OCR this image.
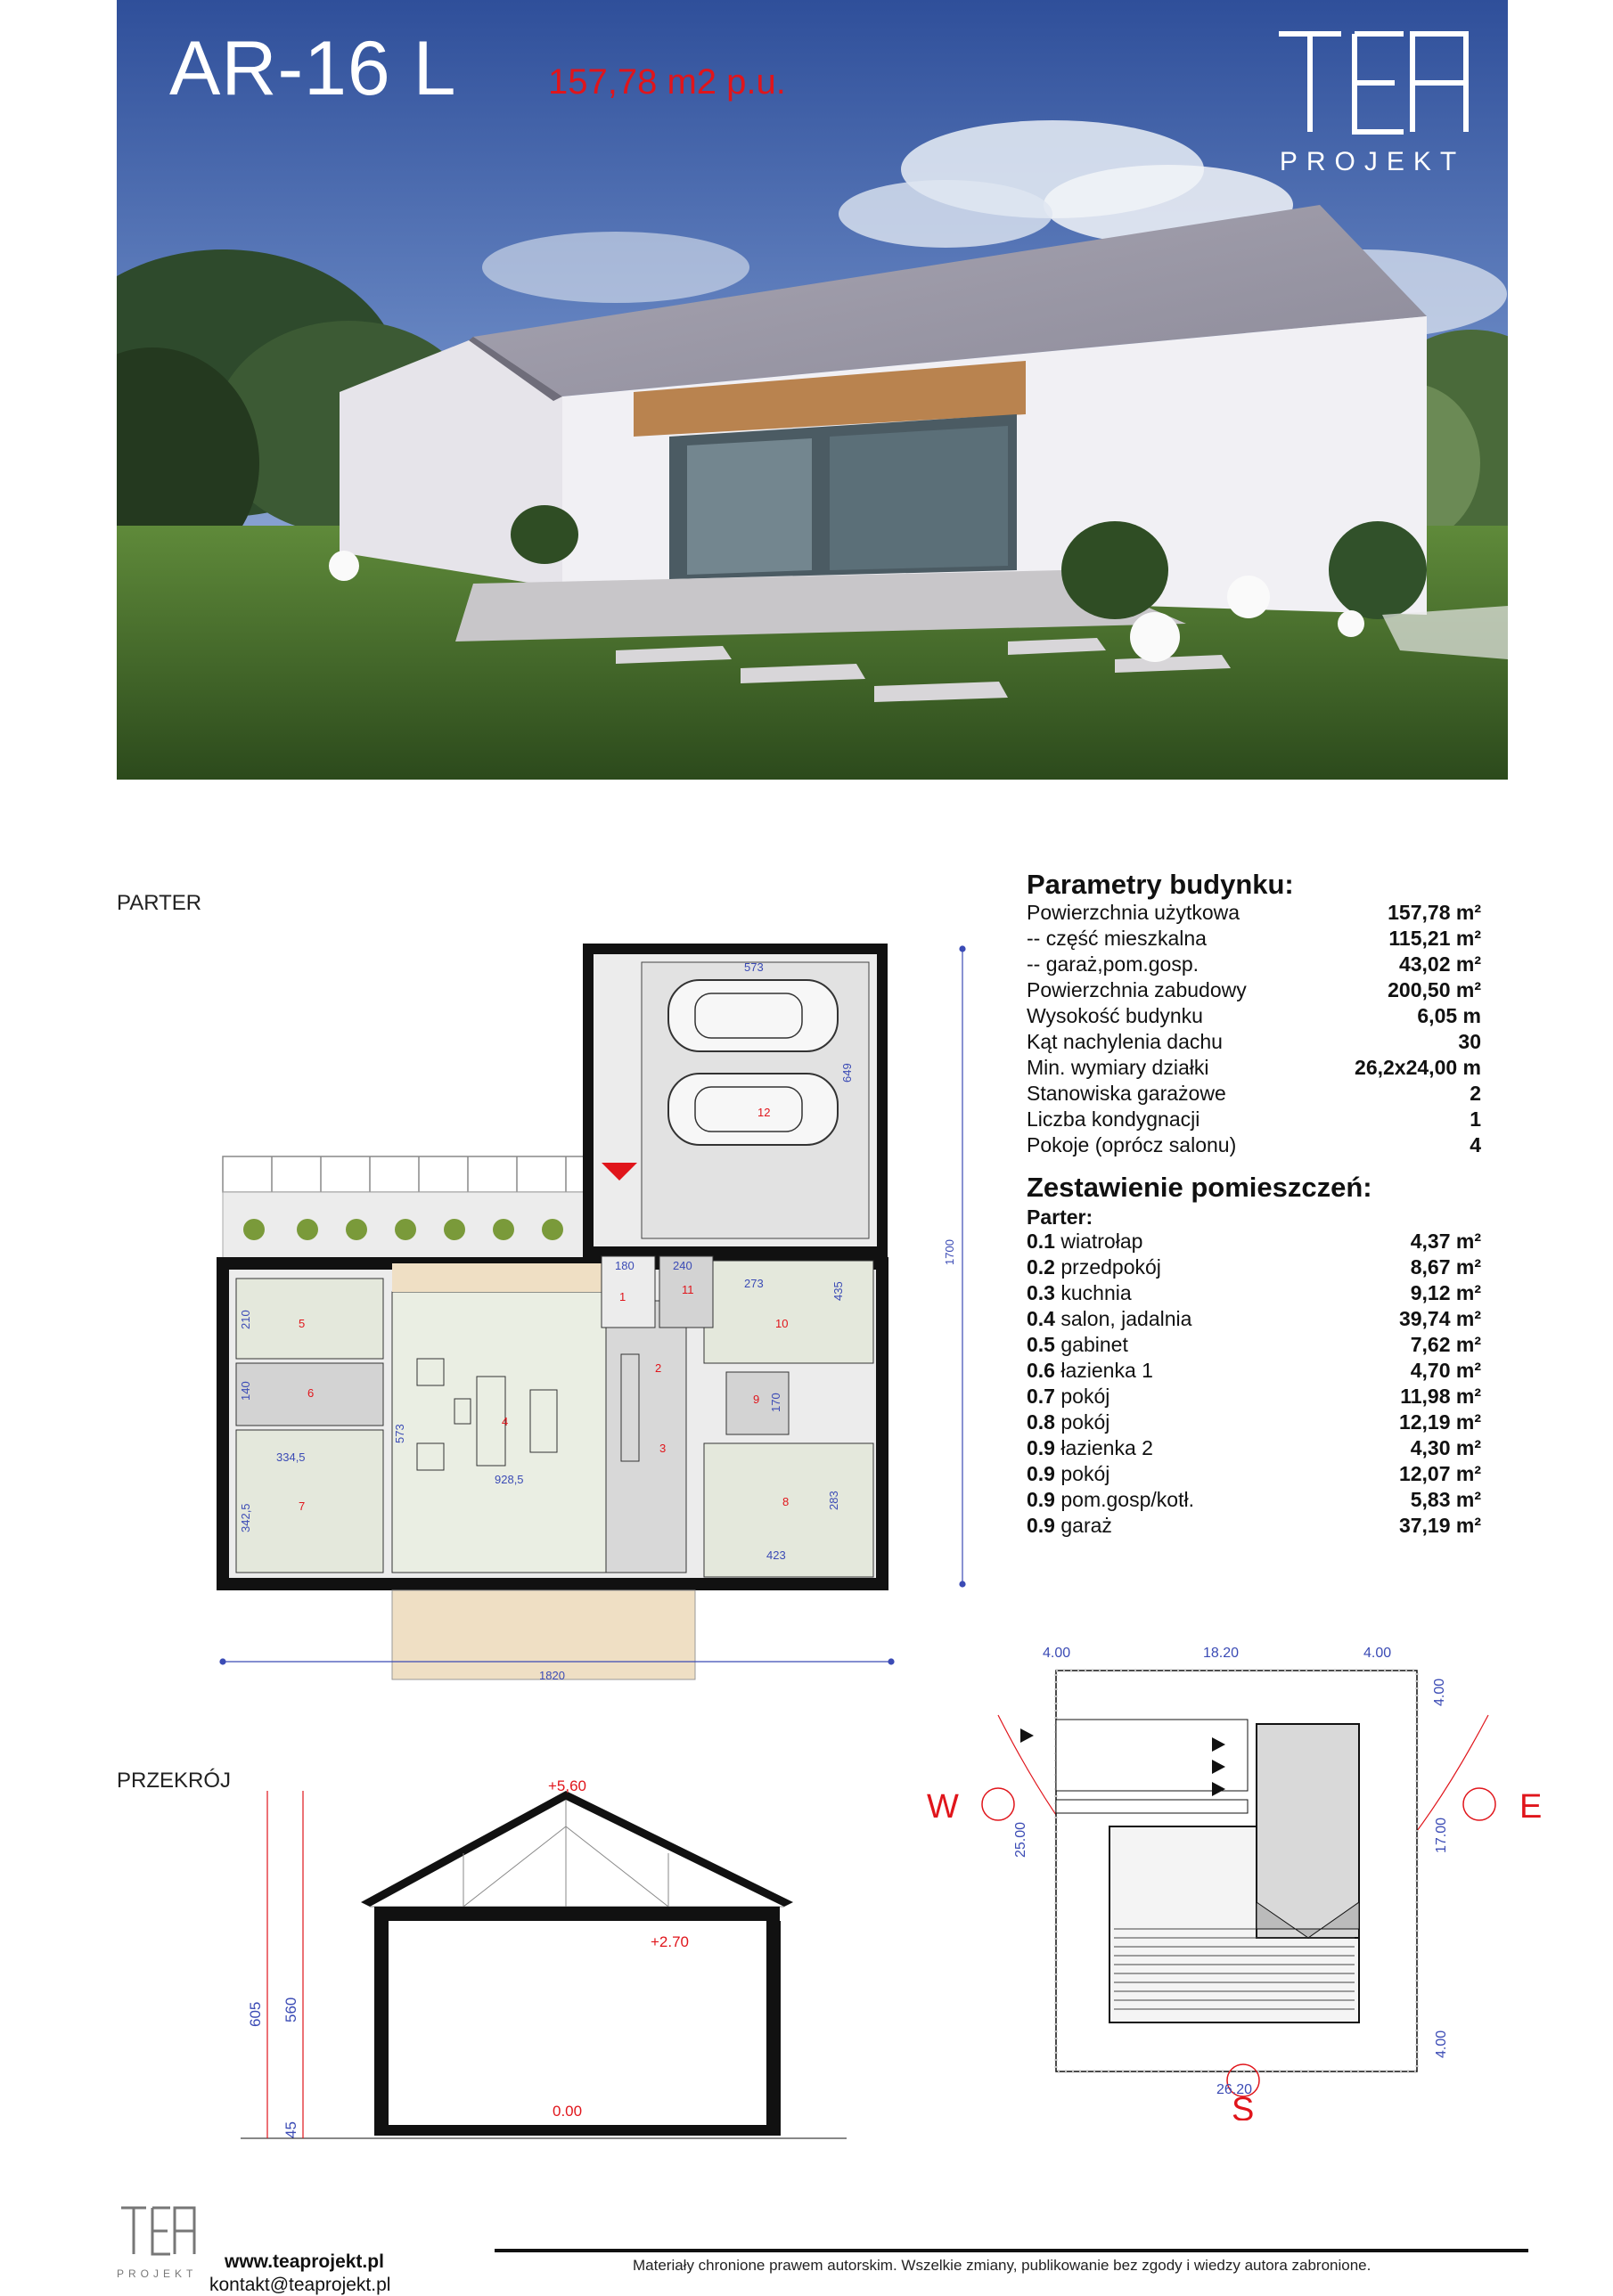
AR-16 L	157,78 m2 p.u.
PROJEKT
PARTER
PRZEKRÓJ
573
649
1700
180	240
273	435
210
140
573
334,5
342,5
928,5
170
283
423
1820
1
2
3
4
5
6
7	8
9
10
11
12
Parametry budynku:
Powierzchnia użytkowa	157,78 m²
-- część mieszkalna	115,21 m²
-- garaż,pom.gosp.	43,02 m²
Powierzchnia zabudowy	200,50 m²
Wysokość budynku	6,05 m
Kąt nachylenia dachu	30
Min. wymiary działki	26,2x24,00 m
Stanowiska garażowe	2
Liczba kondygnacji	1
Pokoje (oprócz salonu)	4
Zestawienie pomieszczeń:
Parter:
0.1 wiatrołap	4,37 m²
0.2 przedpokój	8,67 m²
0.3 kuchnia	9,12 m²
0.4 salon, jadalnia	39,74 m²
0.5 gabinet	7,62 m²
0.6 łazienka 1	4,70 m²
0.7 pokój	11,98 m²
0.8 pokój	12,19 m²
0.9 łazienka 2	4,30 m²
0.9 pokój	12,07 m²
0.9 pom.gosp/kotł.	5,83 m²
0.9 garaż	37,19 m²
4.00	18.20	4.00
4.00
25.00	17.00
4.00
26.20
W	E
S
+5,60
+2.70
0.00
605 560
45
PROJEKT
www.teaprojekt.pl
kontakt@teaprojekt.pl
Materiały chronione prawem autorskim. Wszelkie zmiany, publikowanie bez zgody i wiedzy autora zabronione.
